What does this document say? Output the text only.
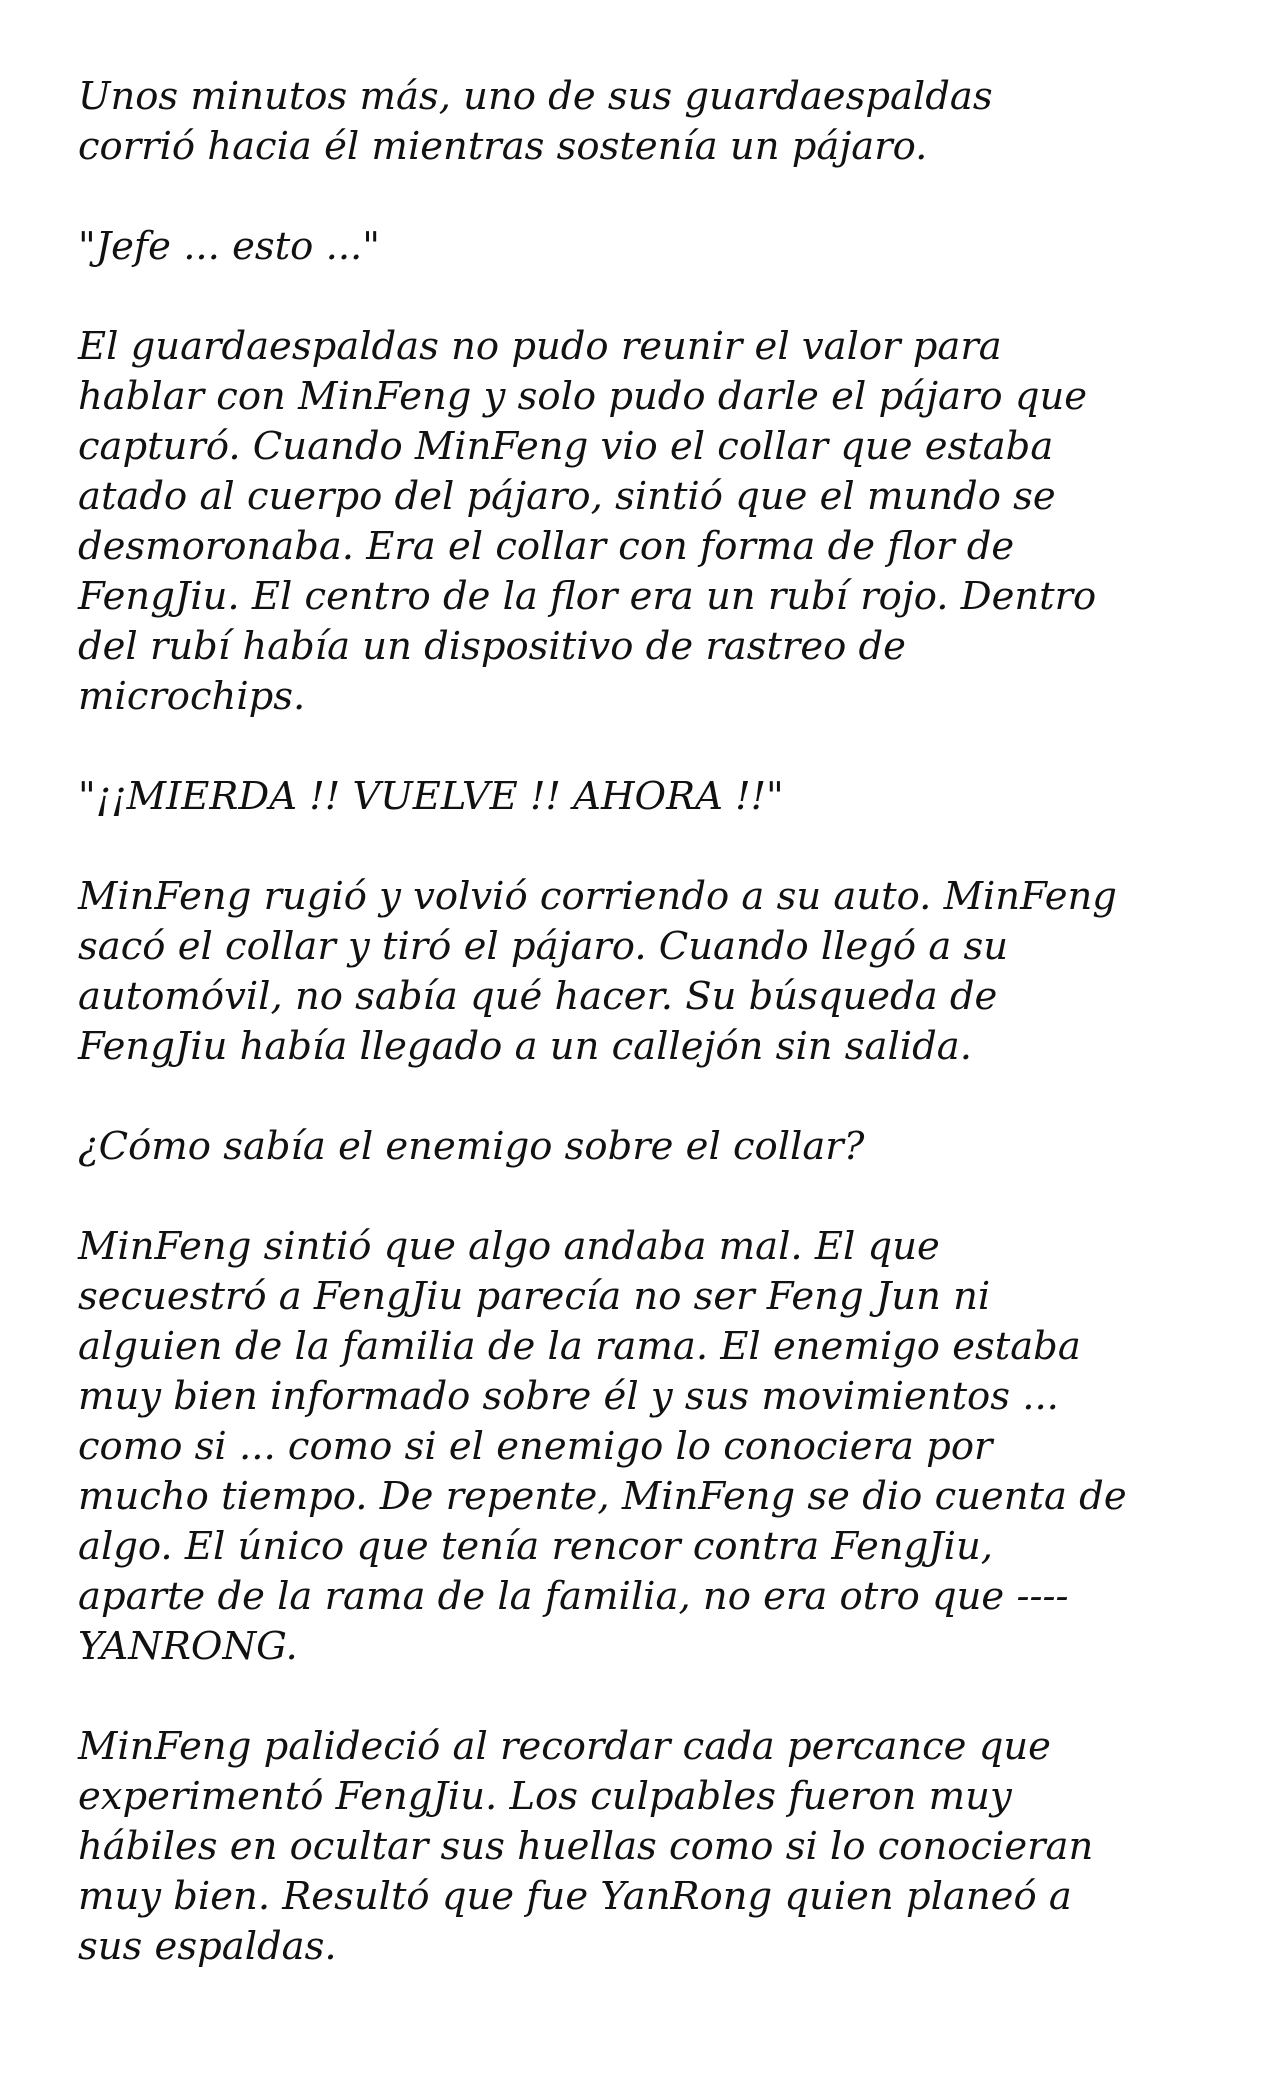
Unos minutos más, uno de sus guardaespaldas
corrió hacia él mientras sostenía un pájaro.

"Jefe ... esto ..."

El guardaespaldas no pudo reunir el valor para
hablar con MinFeng y solo pudo darle el pájaro que
capturó. Cuando MinFeng vio el collar que estaba
atado al cuerpo del pájaro, sintió que el mundo se
desmoronaba. Era el collar con forma de flor de
FengJiu. El centro de la flor era un rubí rojo. Dentro
del rubí había un dispositivo de rastreo de
microchips.

"¡¡MIERDA !! VUELVE !! AHORA !!"

MinFeng rugió y volvió corriendo a su auto. MinFeng
sacó el collar y tiró el pájaro. Cuando llegó a su
automóvil, no sabía qué hacer. Su búsqueda de
FengJiu había llegado a un callejón sin salida.

¿Cómo sabía el enemigo sobre el collar?

MinFeng sintió que algo andaba mal. El que
secuestró a FengJiu parecía no ser Feng Jun ni
alguien de la familia de la rama. El enemigo estaba
muy bien informado sobre él y sus movimientos ...
como si ... como si el enemigo lo conociera por
mucho tiempo. De repente, MinFeng se dio cuenta de
algo. El único que tenía rencor contra FengJiu,
aparte de la rama de la familia, no era otro que ----
YANRONG.

MinFeng palideció al recordar cada percance que
experimentó FengJiu. Los culpables fueron muy
hábiles en ocultar sus huellas como si lo conocieran
muy bien. Resultó que fue YanRong quien planeó a
sus espaldas.
